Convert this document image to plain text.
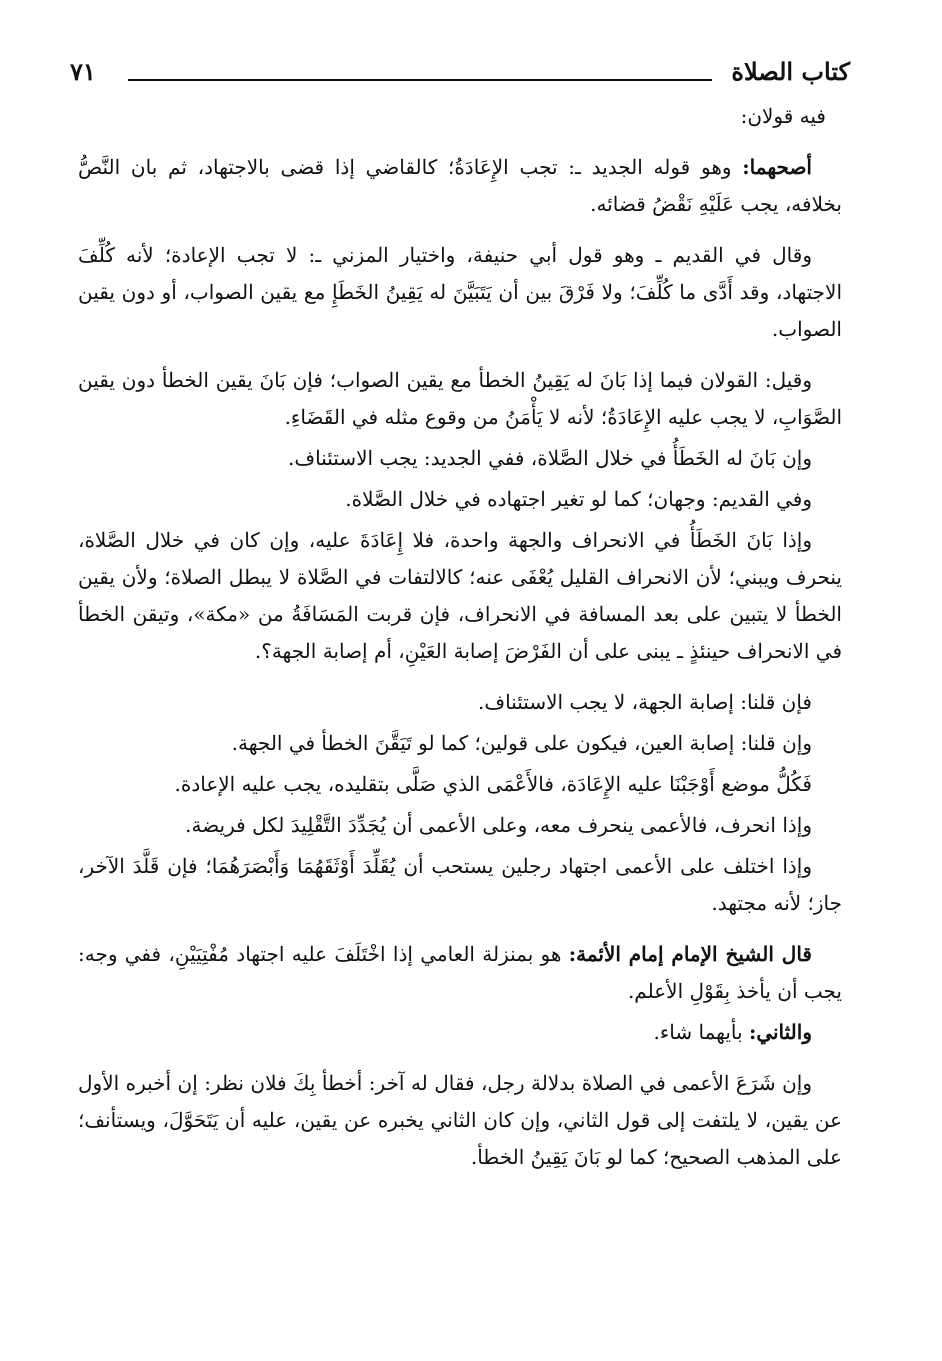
كتاب الصلاة
٧١

فيه قولان:

أصحهما: وهو قوله الجديد ـ: تجب الإِعَادَةُ؛ كالقاضي إذا قضى بالاجتهاد، ثم بان النَّصُّ بخلافه، يجب عَلَيْهِ نَقْضُ قضائه.

وقال في القديم ـ وهو قول أبي حنيفة، واختيار المزني ـ: لا تجب الإعادة؛ لأنه كُلِّفَ الاجتهاد، وقد أَدَّى ما كُلِّفَ؛ ولا فَرْقَ بين أن يَتَبَيَّنَ له يَقِينُ الخَطَإِ مع يقين الصواب، أو دون يقين الصواب.

وقيل: القولان فيما إذا بَانَ له يَقِينُ الخطأ مع يقين الصواب؛ فإن بَانَ يقين الخطأ دون يقين الصَّوَابِ، لا يجب عليه الإِعَادَةُ؛ لأنه لا يَأْمَنُ من وقوع مثله في القَضَاءِ.

وإن بَانَ له الخَطَأُ في خلال الصَّلاة، ففي الجديد: يجب الاستئناف.

وفي القديم: وجهان؛ كما لو تغير اجتهاده في خلال الصَّلاة.

وإذا بَانَ الخَطَأُ في الانحراف والجهة واحدة، فلا إِعَادَةَ عليه، وإن كان في خلال الصَّلاة، ينحرف ويبني؛ لأن الانحراف القليل يُعْفَى عنه؛ كالالتفات في الصَّلاة لا يبطل الصلاة؛ ولأن يقين الخطأ لا يتبين على بعد المسافة في الانحراف، فإن قربت المَسَافَةُ من «مكة»، وتيقن الخطأ في الانحراف حينئذٍ ـ يبنى على أن الفَرْضَ إصابة العَيْنِ، أم إصابة الجهة؟.

فإن قلنا: إصابة الجهة، لا يجب الاستئناف.

وإن قلنا: إصابة العين، فيكون على قولين؛ كما لو تَيَقَّنَ الخطأ في الجهة.

فَكُلُّ موضع أَوْجَبْنَا عليه الإِعَادَة، فالأَعْمَى الذي صَلَّى بتقليده، يجب عليه الإعادة.

وإذا انحرف، فالأعمى ينحرف معه، وعلى الأعمى أن يُجَدِّدَ التَّقْلِيدَ لكل فريضة.

وإذا اختلف على الأعمى اجتهاد رجلين يستحب أن يُقَلِّدَ أَوْثَقَهُمَا وَأَبْصَرَهُمَا؛ فإن قَلَّدَ الآخر، جاز؛ لأنه مجتهد.

قال الشيخ الإمام إمام الأئمة: هو بمنزلة العامي إذا اخْتَلَفَ عليه اجتهاد مُفْتِيَيْنِ، ففي وجه: يجب أن يأخذ بِقَوْلِ الأعلم.

والثاني: بأيهما شاء.

وإن شَرَعَ الأعمى في الصلاة بدلالة رجل، فقال له آخر: أخطأ بِكَ فلان نظر: إن أخبره الأول عن يقين، لا يلتفت إلى قول الثاني، وإن كان الثاني يخبره عن يقين، عليه أن يَتَحَوَّلَ، ويستأنف؛ على المذهب الصحيح؛ كما لو بَانَ يَقِينُ الخطأ.
